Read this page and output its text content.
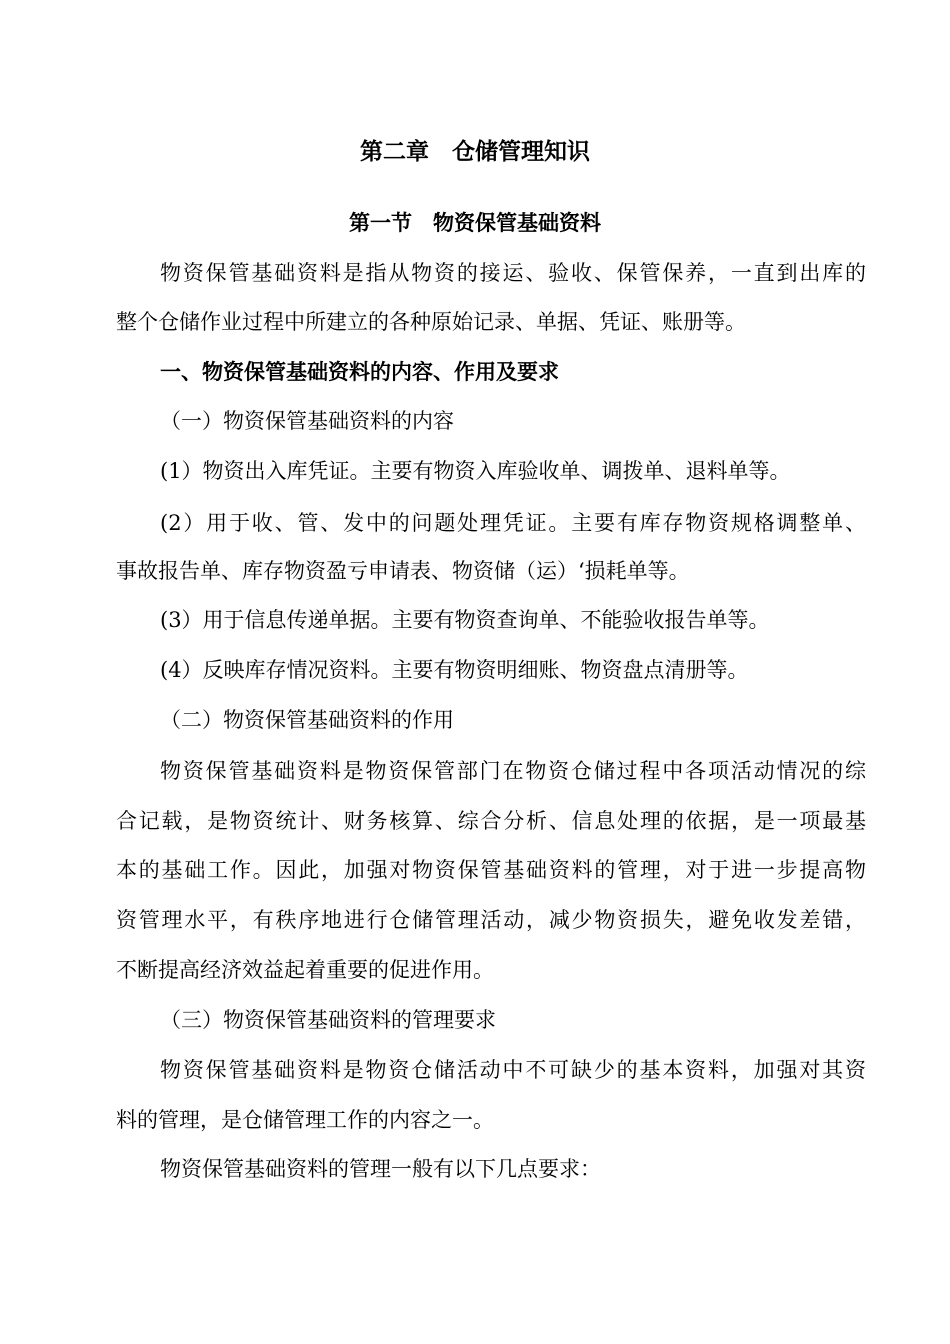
第二章　仓储管理知识
第一节　物资保管基础资料
物资保管基础资料是指从物资的接运、验收、保管保养，一直到出库的
整个仓储作业过程中所建立的各种原始记录、单据、凭证、账册等。
一、物资保管基础资料的内容、作用及要求
（一）物资保管基础资料的内容
(1）物资出入库凭证。主要有物资入库验收单、调拨单、退料单等。
(2）用于收、管、发中的问题处理凭证。主要有库存物资规格调整单、
事故报告单、库存物资盈亏申请表、物资储（运）‘损耗单等。
(3）用于信息传递单据。主要有物资查询单、不能验收报告单等。
(4）反映库存情况资料。主要有物资明细账、物资盘点清册等。
（二）物资保管基础资料的作用
物资保管基础资料是物资保管部门在物资仓储过程中各项活动情况的综
合记载，是物资统计、财务核算、综合分析、信息处理的依据，是一项最基
本的基础工作。因此，加强对物资保管基础资料的管理，对于进一步提高物
资管理水平，有秩序地进行仓储管理活动，减少物资损失，避免收发差错，
不断提高经济效益起着重要的促进作用。
（三）物资保管基础资料的管理要求
物资保管基础资料是物资仓储活动中不可缺少的基本资料，加强对其资
料的管理，是仓储管理工作的内容之一。
物资保管基础资料的管理一般有以下几点要求：
